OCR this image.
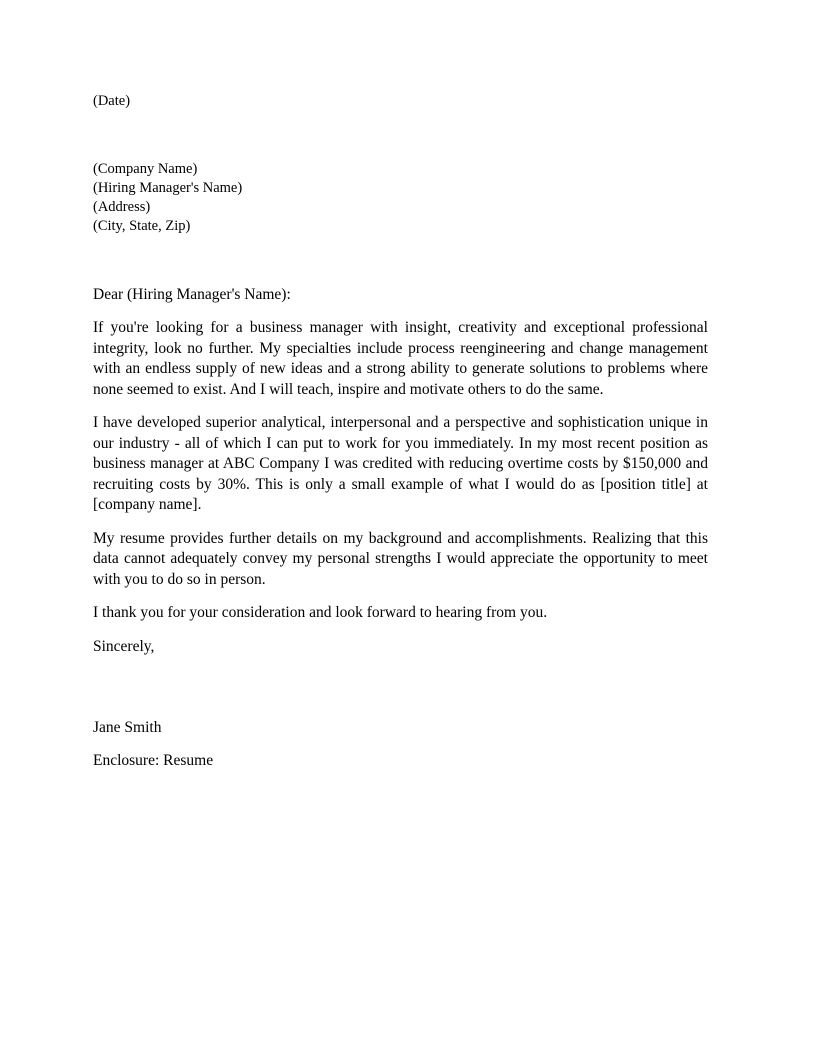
(Date)
(Company Name)
(Hiring Manager's Name)
(Address)
(City, State, Zip)
Dear (Hiring Manager's Name):

If you're looking for a business manager with insight, creativity and exceptional professional integrity, look no further. My specialties include process reengineering and change management with an endless supply of new ideas and a strong ability to generate solutions to problems where none seemed to exist. And I will teach, inspire and motivate others to do the same.

I have developed superior analytical, interpersonal and a perspective and sophistication unique in our industry - all of which I can put to work for you immediately. In my most recent position as business manager at ABC Company I was credited with reducing overtime costs by $150,000 and recruiting costs by 30%. This is only a small example of what I would do as [position title] at [company name].

My resume provides further details on my background and accomplishments. Realizing that this data cannot adequately convey my personal strengths I would appreciate the opportunity to meet with you to do so in person.

I thank you for your consideration and look forward to hearing from you.

Sincerely,

Jane Smith

Enclosure: Resume
